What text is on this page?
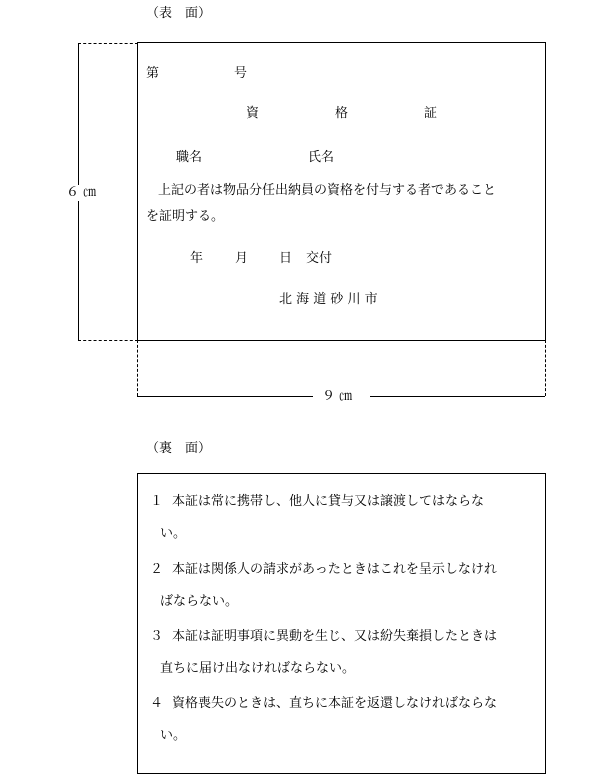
（表　面）
６ ㎝
９ ㎝
第	号
資	格	証
職名	氏名
上記の者は物品分任出納員の資格を付与する者であること
を証明する。
年 月 日 交付
北 海 道 砂 川 市
（裏　面）
１ 本証は常に携帯し、他人に貸与又は譲渡してはならな
い。
２ 本証は関係人の請求があったときはこれを呈示しなけれ
ばならない。
３ 本証は証明事項に異動を生じ、又は紛失棄損したときは
直ちに届け出なければならない。
４ 資格喪失のときは、直ちに本証を返還しなければならな
い。
